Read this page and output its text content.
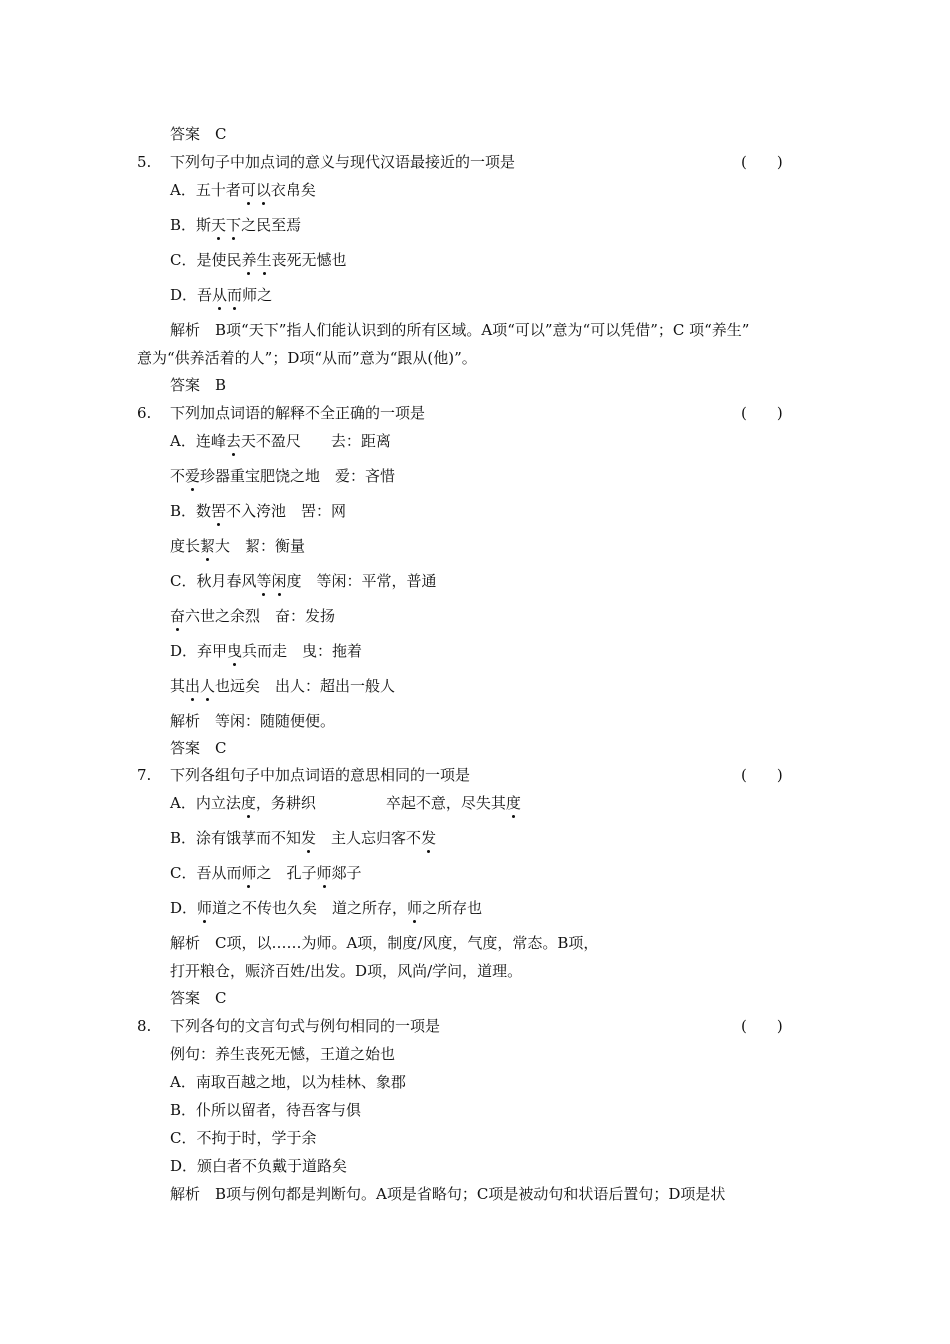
答案　C
5. 下列句子中加点词的意义与现代汉语最接近的一项是	(　　)
A．五十者可以衣帛矣
B．斯天下之民至焉
C．是使民养生丧死无憾也
D．吾从而师之
解析　B项“天下”指人们能认识到的所有区域。A项“可以”意为“可以凭借”；C 项“养生”
意为“供养活着的人”；D项“从而”意为“跟从(他)”。
答案　B
6. 下列加点词语的解释不全正确的一项是	(　　)
A．连峰去天不盈尺　　去：距离
不爱珍器重宝肥饶之地　爱：吝惜
B．数罟不入洿池　罟：网
度长絜大　絜：衡量
C．秋月春风等闲度　等闲：平常，普通
奋六世之余烈　奋：发扬
D．弃甲曳兵而走　曳：拖着
其出人也远矣　出人：超出一般人
解析　等闲：随随便便。
答案　C
7. 下列各组句子中加点词语的意思相同的一项是	(　　)
A．内立法度，务耕织	卒起不意，尽失其度
B．涂有饿莩而不知发　主人忘归客不发
C．吾从而师之　孔子师郯子
D．师道之不传也久矣　道之所存，师之所存也
解析　C项，以……为师。A项，制度/风度，气度，常态。B项，
打开粮仓，赈济百姓/出发。D项，风尚/学问，道理。
答案　C
8. 下列各句的文言句式与例句相同的一项是	(　　)
例句：养生丧死无憾，王道之始也
A．南取百越之地，以为桂林、象郡
B．仆所以留者，待吾客与俱
C．不拘于时，学于余
D．颁白者不负戴于道路矣
解析　B项与例句都是判断句。A项是省略句；C项是被动句和状语后置句；D项是状
